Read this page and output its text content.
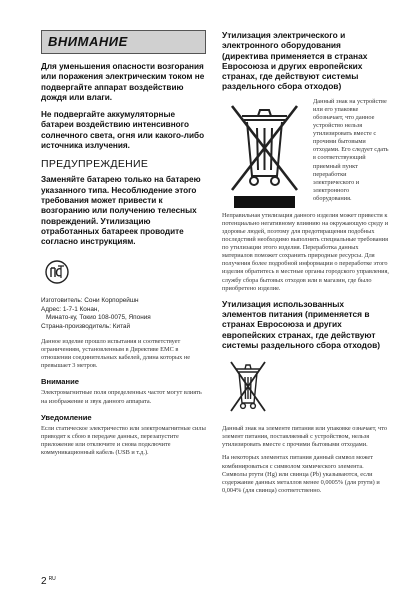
ВНИМАНИЕ

Для уменьшения опасности возгорания или поражения электрическим током не подвергайте аппарат воздействию дождя или влаги.

Не подвергайте аккумуляторные батареи воздействию интенсивного солнечного света, огня или какого-либо источника излучения.

ПРЕДУПРЕЖДЕНИЕ

Заменяйте батарею только на батарею указанного типа. Несоблюдение этого требования может привести к возгоранию или получению телесных повреждений. Утилизацию отработанных батареек проводите согласно инструкциям.

Изготовитель: Сони Корпорейшн
Адрес: 1-7-1 Конан,
Минато-ку, Токио 108-0075, Япония
Страна-производитель: Китай

Данное изделие прошло испытания и соответствует ограничениям, установленным в Директиве EMC в отношении соединительных кабелей, длина которых не превышает 3 метров.

Внимание

Электромагнитные поля определенных частот могут влиять на изображение и звук данного аппарата.

Уведомление

Если статическое электричество или электромагнитные силы приводят к сбою в передаче данных, перезапустите приложение или отключите и снова подключите коммуникационный кабель (USB и т.д.).

Утилизация электрического и электронного оборудования (директива применяется в странах Евросоюза и других европейских странах, где действуют системы раздельного сбора отходов)
Данный знак на устройстве или его упаковке обозначает, что данное устройство нельзя утилизировать вместе с прочими бытовыми отходами. Его следует сдать в соответствующий приемный пункт переработки электрического и электронного оборудования.

Неправильная утилизация данного изделия может привести к потенциально негативному влиянию на окружающую среду и здоровье людей, поэтому для предотвращения подобных последствий необходимо выполнять специальные требования по утилизации этого изделия. Переработка данных материалов поможет сохранить природные ресурсы. Для получения более подробной информации о переработке этого изделия обратитесь в местные органы городского управления, службу сбора бытовых отходов или в магазин, где было приобретено изделие.

Утилизация использованных элементов питания (применяется в странах Евросоюза и других европейских странах, где действуют системы раздельного сбора отходов)

Данный знак на элементе питания или упаковке означает, что элемент питания, поставляемый с устройством, нельзя утилизировать вместе с прочими бытовыми отходами.

На некоторых элементах питания данный символ может комбинироваться с символом химического элемента. Символы ртути (Hg) или свинца (Pb) указываются, если содержание данных металлов менее 0,0005% (для ртути) и 0,004% (для свинца) соответственно.

2 $^{RU}$
